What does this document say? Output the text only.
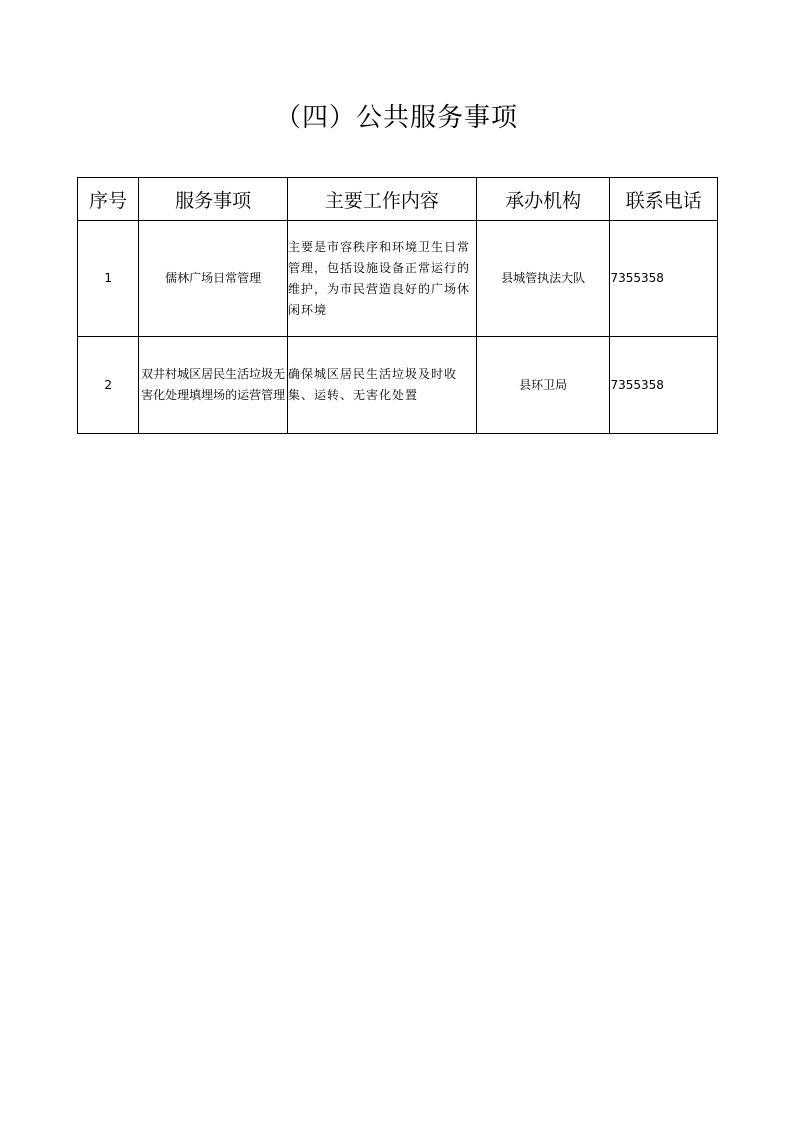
（四）公共服务事项
序号	服务事项	主要工作内容	承办机构	联系电话
1	儒林广场日常管理	主要是市容秩序和环境卫生日常管理，包括设施设备正常运行的维护，为市民营造良好的广场休闲环境	县城管执法大队	7355358
2	双井村城区居民生活垃圾无害化处理填埋场的运营管理	确保城区居民生活垃圾及时收集、运转、无害化处置	县环卫局	7355358
